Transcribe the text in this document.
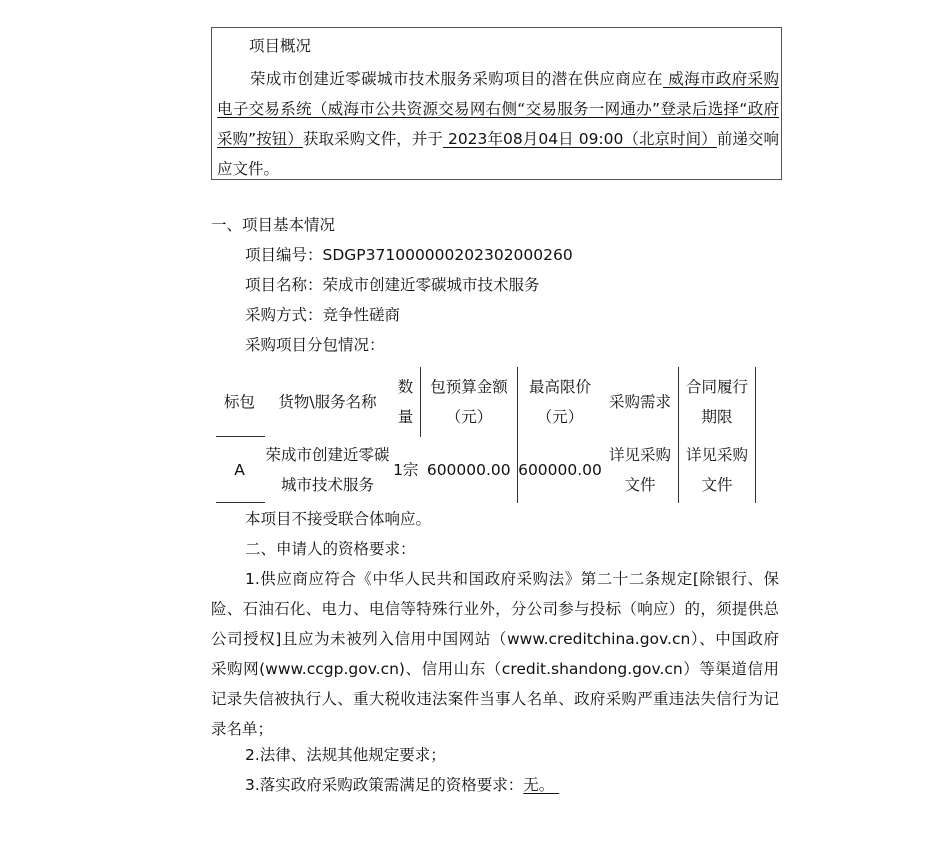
项目概况
荣成市创建近零碳城市技术服务采购项目的潜在供应商应在 威海市政府采购电子交易系统（威海市公共资源交易网右侧“交易服务一网通办”登录后选择“政府采购”按钮）获取采购文件，并于 2023年08月04日 09:00（北京时间）前递交响应文件。
一、项目基本情况
项目编号：SDGP371000000202302000260
项目名称：荣成市创建近零碳城市技术服务
采购方式：竞争性磋商
采购项目分包情况：
标包	货物\服务名称	数量	包预算金额（元）	最高限价（元）	采购需求	合同履行期限
A	荣成市创建近零碳城市技术服务	1宗	600000.00	600000.00	详见采购文件	详见采购文件
本项目不接受联合体响应。
二、申请人的资格要求：
1.供应商应符合《中华人民共和国政府采购法》第二十二条规定[除银行、保险、石油石化、电力、电信等特殊行业外，分公司参与投标（响应）的，须提供总公司授权]且应为未被列入信用中国网站（www.creditchina.gov.cn）、中国政府采购网(www.ccgp.gov.cn)、信用山东（credit.shandong.gov.cn）等渠道信用记录失信被执行人、重大税收违法案件当事人名单、政府采购严重违法失信行为记录名单；
2.法律、法规其他规定要求；
3.落实政府采购政策需满足的资格要求：无。
